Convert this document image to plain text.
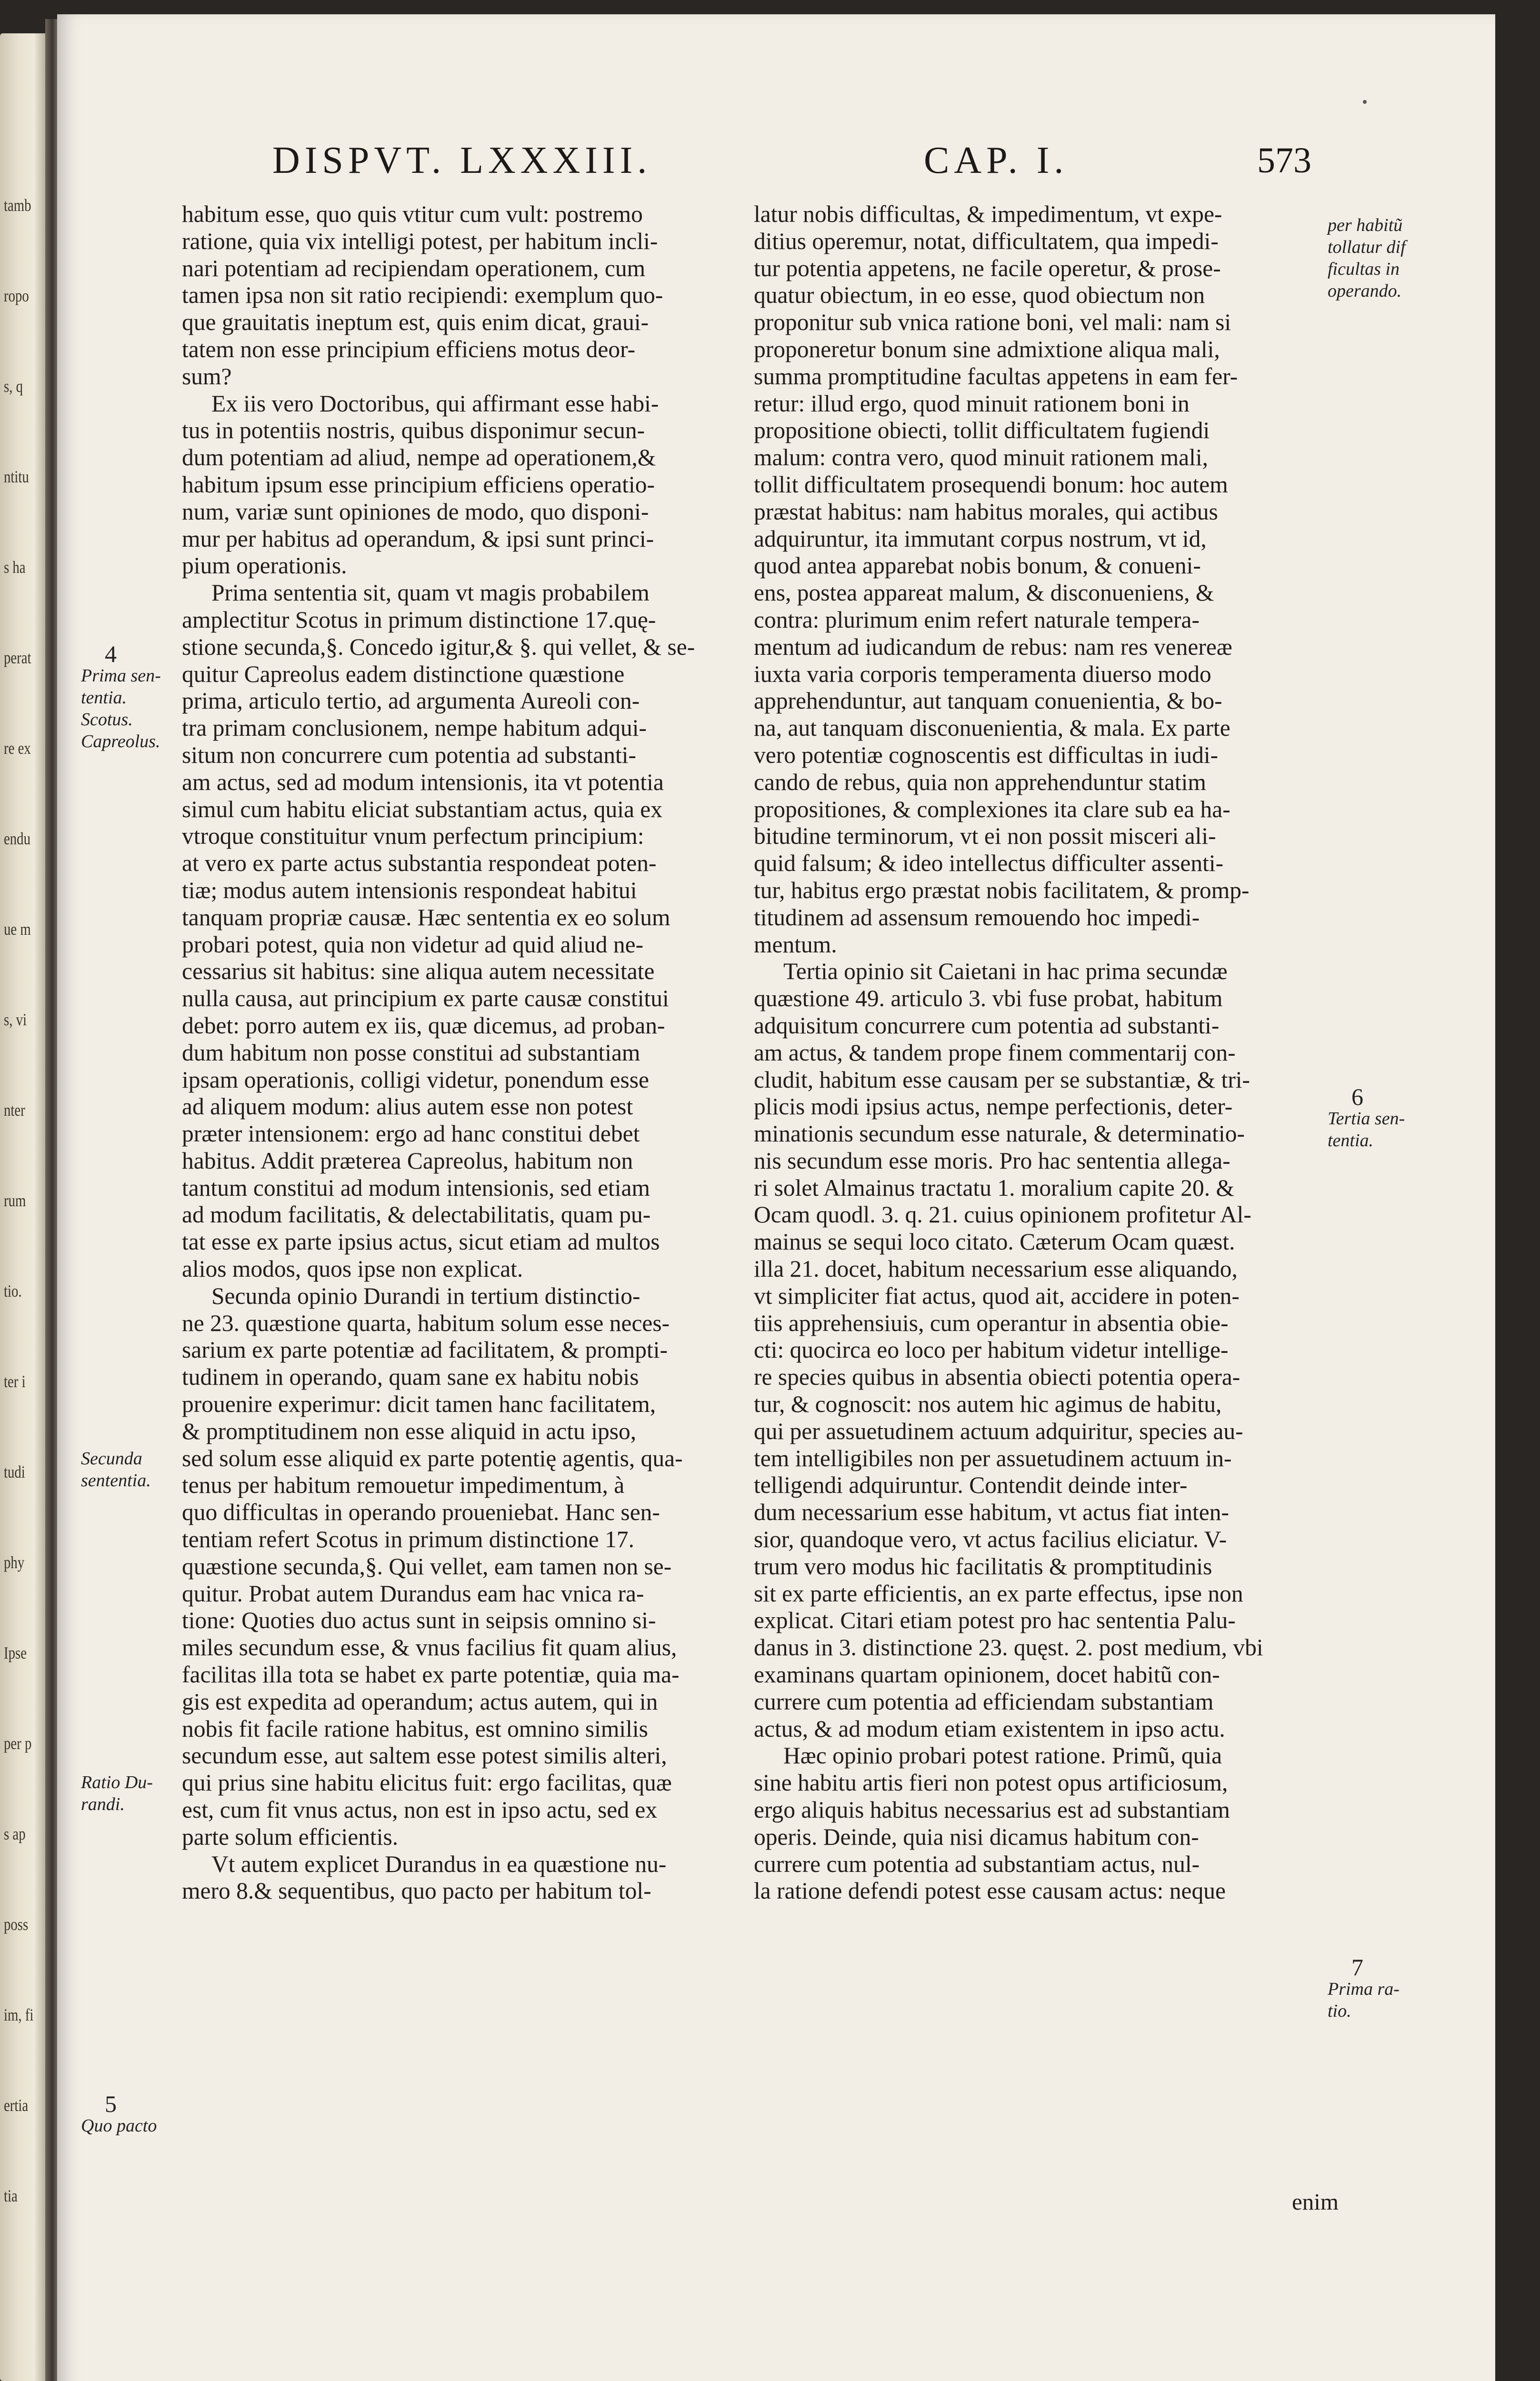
tamb
ropo
s, q
ntitu
s ha
perat
re ex
endu
ue m
s, vi
nter
rum
tio.
ter i
tudi
phy
Ipse
per p
s ap
poss
im, fi
ertia
tia
DISPVT. LXXXIII.	CAP. I.	573
habitum esse, quo quis vtitur cum vult: postremo
ratione, quia vix intelligi potest, per habitum incli-
nari potentiam ad recipiendam operationem, cum
tamen ipsa non sit ratio recipiendi: exemplum quo-
que grauitatis ineptum est, quis enim dicat, graui-
tatem non esse principium efficiens motus deor-
sum?
Ex iis vero Doctoribus, qui affirmant esse habi-
tus in potentiis nostris, quibus disponimur secun-
dum potentiam ad aliud, nempe ad operationem,&
habitum ipsum esse principium efficiens operatio-
num, variæ sunt opiniones de modo, quo disponi-
mur per habitus ad operandum, & ipsi sunt princi-
pium operationis.
Prima sententia sit, quam vt magis probabilem
amplectitur Scotus in primum distinctione 17.quę-
stione secunda,§. Concedo igitur,& §. qui vellet, & se-
quitur Capreolus eadem distinctione quæstione
prima, articulo tertio, ad argumenta Aureoli con-
tra primam conclusionem, nempe habitum adqui-
situm non concurrere cum potentia ad substanti-
am actus, sed ad modum intensionis, ita vt potentia
simul cum habitu eliciat substantiam actus, quia ex
vtroque constituitur vnum perfectum principium:
at vero ex parte actus substantia respondeat poten-
tiæ; modus autem intensionis respondeat habitui
tanquam propriæ causæ. Hæc sententia ex eo solum
probari potest, quia non videtur ad quid aliud ne-
cessarius sit habitus: sine aliqua autem necessitate
nulla causa, aut principium ex parte causæ constitui
debet: porro autem ex iis, quæ dicemus, ad proban-
dum habitum non posse constitui ad substantiam
ipsam operationis, colligi videtur, ponendum esse
ad aliquem modum: alius autem esse non potest
præter intensionem: ergo ad hanc constitui debet
habitus. Addit præterea Capreolus, habitum non
tantum constitui ad modum intensionis, sed etiam
ad modum facilitatis, & delectabilitatis, quam pu-
tat esse ex parte ipsius actus, sicut etiam ad multos
alios modos, quos ipse non explicat.
Secunda opinio Durandi in tertium distinctio-
ne 23. quæstione quarta, habitum solum esse neces-
sarium ex parte potentiæ ad facilitatem, & prompti-
tudinem in operando, quam sane ex habitu nobis
prouenire experimur: dicit tamen hanc facilitatem,
& promptitudinem non esse aliquid in actu ipso,
sed solum esse aliquid ex parte potentię agentis, qua-
tenus per habitum remouetur impedimentum, à
quo difficultas in operando proueniebat. Hanc sen-
tentiam refert Scotus in primum distinctione 17.
quæstione secunda,§. Qui vellet, eam tamen non se-
quitur. Probat autem Durandus eam hac vnica ra-
tione: Quoties duo actus sunt in seipsis omnino si-
miles secundum esse, & vnus facilius fit quam alius,
facilitas illa tota se habet ex parte potentiæ, quia ma-
gis est expedita ad operandum; actus autem, qui in
nobis fit facile ratione habitus, est omnino similis
secundum esse, aut saltem esse potest similis alteri,
qui prius sine habitu elicitus fuit: ergo facilitas, quæ
est, cum fit vnus actus, non est in ipso actu, sed ex
parte solum efficientis.
Vt autem explicet Durandus in ea quæstione nu-
mero 8.& sequentibus, quo pacto per habitum tol-
latur nobis difficultas, & impedimentum, vt expe-
ditius operemur, notat, difficultatem, qua impedi-
tur potentia appetens, ne facile operetur, & prose-
quatur obiectum, in eo esse, quod obiectum non
proponitur sub vnica ratione boni, vel mali: nam si
proponeretur bonum sine admixtione aliqua mali,
summa promptitudine facultas appetens in eam fer-
retur: illud ergo, quod minuit rationem boni in
propositione obiecti, tollit difficultatem fugiendi
malum: contra vero, quod minuit rationem mali,
tollit difficultatem prosequendi bonum: hoc autem
præstat habitus: nam habitus morales, qui actibus
adquiruntur, ita immutant corpus nostrum, vt id,
quod antea apparebat nobis bonum, & conueni-
ens, postea appareat malum, & disconueniens, &
contra: plurimum enim refert naturale tempera-
mentum ad iudicandum de rebus: nam res venereæ
iuxta varia corporis temperamenta diuerso modo
apprehenduntur, aut tanquam conuenientia, & bo-
na, aut tanquam disconuenientia, & mala. Ex parte
vero potentiæ cognoscentis est difficultas in iudi-
cando de rebus, quia non apprehenduntur statim
propositiones, & complexiones ita clare sub ea ha-
bitudine terminorum, vt ei non possit misceri ali-
quid falsum; & ideo intellectus difficulter assenti-
tur, habitus ergo præstat nobis facilitatem, & promp-
titudinem ad assensum remouendo hoc impedi-
mentum.
Tertia opinio sit Caietani in hac prima secundæ
quæstione 49. articulo 3. vbi fuse probat, habitum
adquisitum concurrere cum potentia ad substanti-
am actus, & tandem prope finem commentarij con-
cludit, habitum esse causam per se substantiæ, & tri-
plicis modi ipsius actus, nempe perfectionis, deter-
minationis secundum esse naturale, & determinatio-
nis secundum esse moris. Pro hac sententia allega-
ri solet Almainus tractatu 1. moralium capite 20. &
Ocam quodl. 3. q. 21. cuius opinionem profitetur Al-
mainus se sequi loco citato. Cæterum Ocam quæst.
illa 21. docet, habitum necessarium esse aliquando,
vt simpliciter fiat actus, quod ait, accidere in poten-
tiis apprehensiuis, cum operantur in absentia obie-
cti: quocirca eo loco per habitum videtur intellige-
re species quibus in absentia obiecti potentia opera-
tur, & cognoscit: nos autem hic agimus de habitu,
qui per assuetudinem actuum adquiritur, species au-
tem intelligibiles non per assuetudinem actuum in-
telligendi adquiruntur. Contendit deinde inter-
dum necessarium esse habitum, vt actus fiat inten-
sior, quandoque vero, vt actus facilius eliciatur. V-
trum vero modus hic facilitatis & promptitudinis
sit ex parte efficientis, an ex parte effectus, ipse non
explicat. Citari etiam potest pro hac sententia Palu-
danus in 3. distinctione 23. quęst. 2. post medium, vbi
examinans quartam opinionem, docet habitũ con-
currere cum potentia ad efficiendam substantiam
actus, & ad modum etiam existentem in ipso actu.
Hæc opinio probari potest ratione. Primũ, quia
sine habitu artis fieri non potest opus artificiosum,
ergo aliquis habitus necessarius est ad substantiam
operis. Deinde, quia nisi dicamus habitum con-
currere cum potentia ad substantiam actus, nul-
la ratione defendi potest esse causam actus: neque
enim
4
Prima sen-
tentia.
Scotus.
Capreolus.
Secunda
sententia.
Ratio Du-
randi.
5
Quo pacto
per habitũ
tollatur dif
ficultas in
operando.
6
Tertia sen-
tentia.
7
Prima ra-
tio.
